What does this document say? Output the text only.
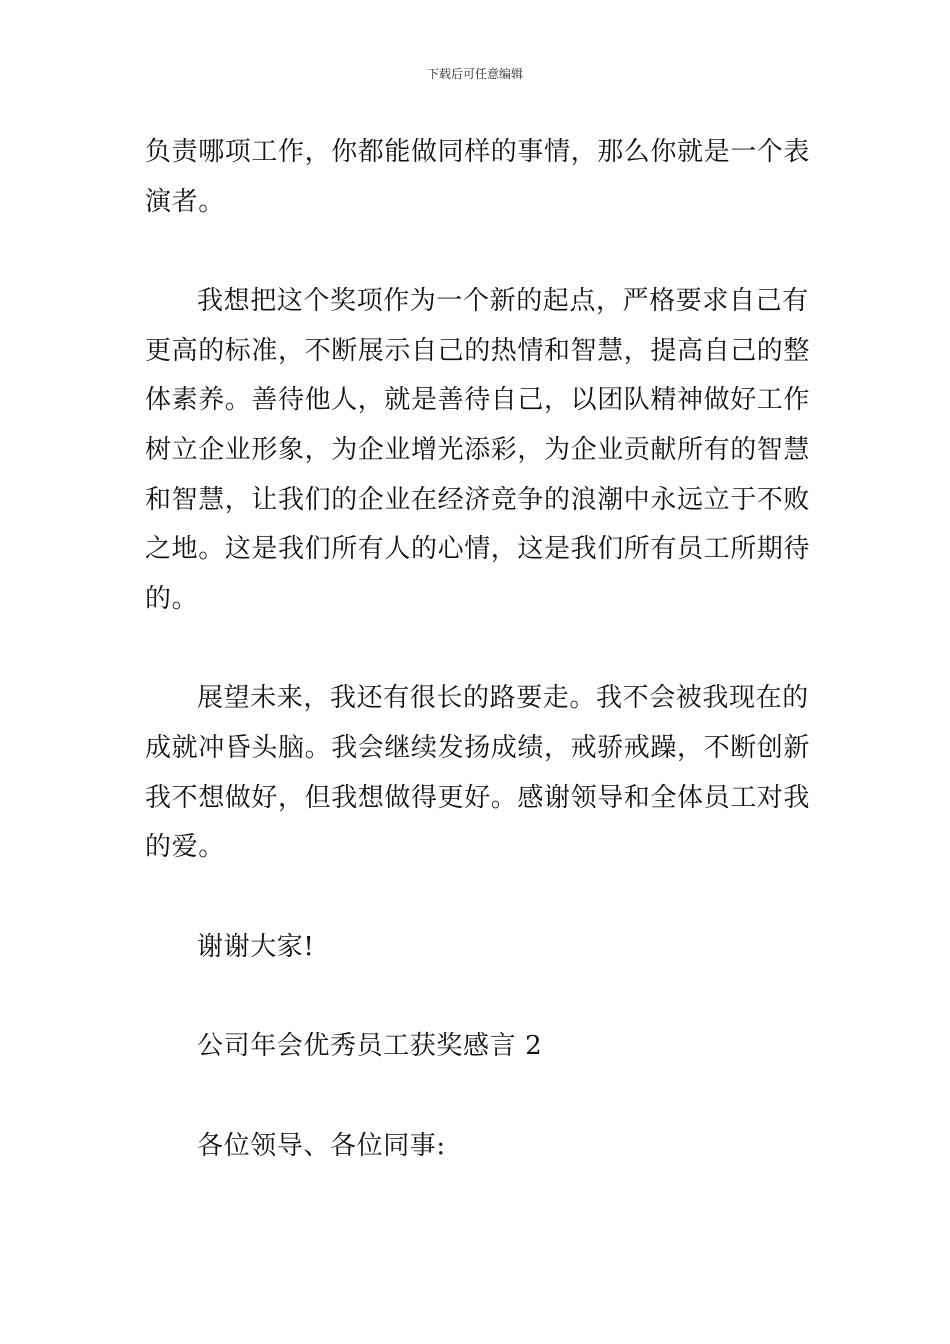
下载后可任意编辑

负责哪项工作，你都能做同样的事情，那么你就是一个表演者。

我想把这个奖项作为一个新的起点，严格要求自己有更高的标准，不断展示自己的热情和智慧，提高自己的整体素养。善待他人，就是善待自己，以团队精神做好工作树立企业形象，为企业增光添彩，为企业贡献所有的智慧和智慧，让我们的企业在经济竞争的浪潮中永远立于不败之地。这是我们所有人的心情，这是我们所有员工所期待的。

展望未来，我还有很长的路要走。我不会被我现在的成就冲昏头脑。我会继续发扬成绩，戒骄戒躁，不断创新我不想做好，但我想做得更好。感谢领导和全体员工对我的爱。

谢谢大家!

公司年会优秀员工获奖感言 2

各位领导、各位同事:
